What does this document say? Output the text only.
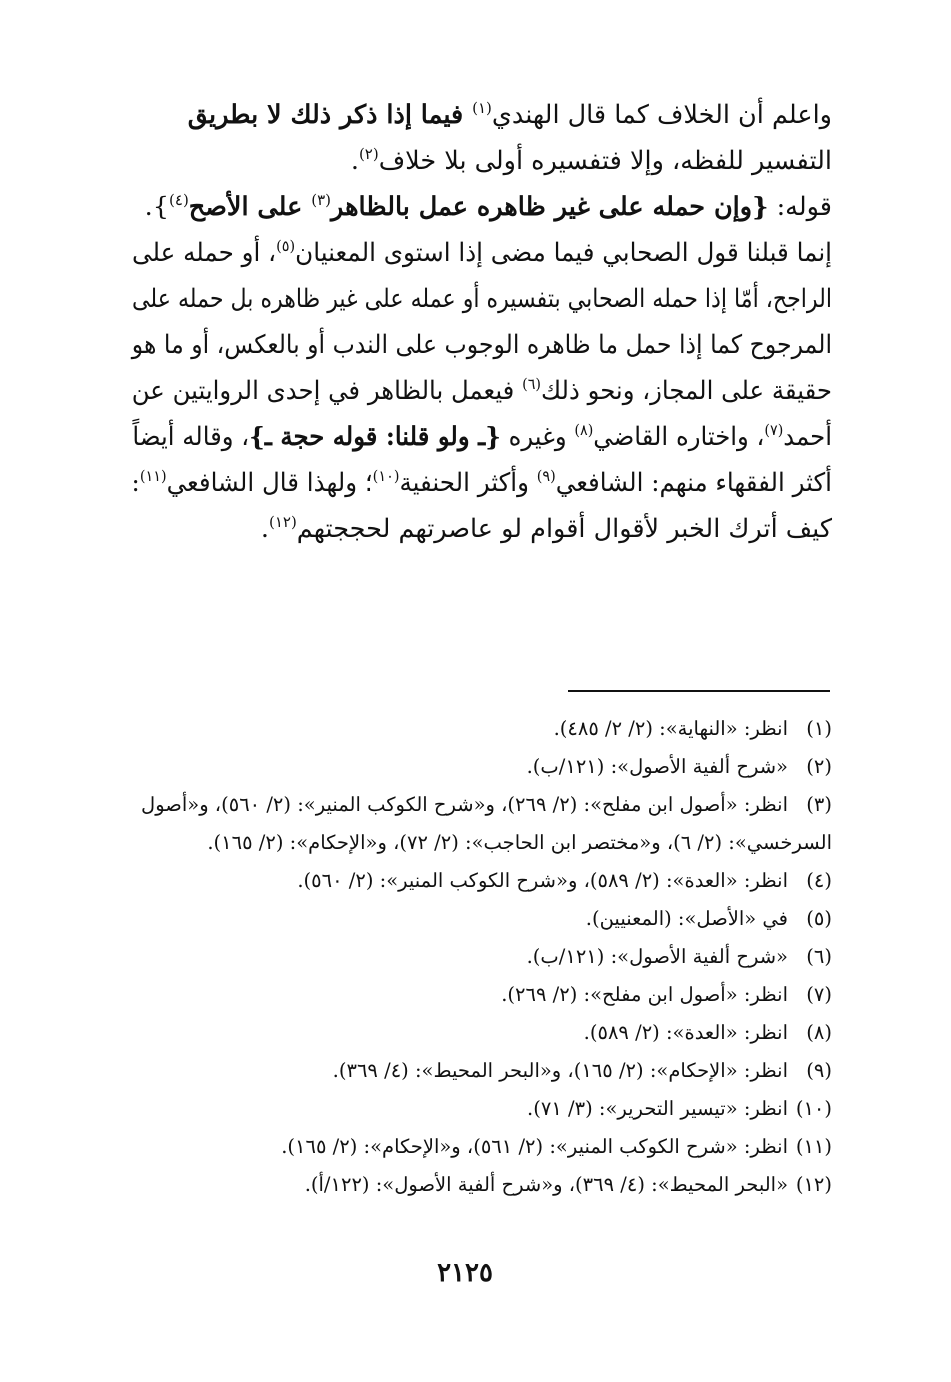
واعلم أن الخلاف كما قال الهندي$^{(١)}$ فيما إذا ذكر ذلك لا بطريق
التفسير للفظه، وإلا فتفسيره أولى بلا خلاف$^{(٢)}$.
قوله: {وإن حمله على غير ظاهره عمل بالظاهر$^{(٣)}$ على الأصح$^{(٤)}$}.
إنما قبلنا قول الصحابي فيما مضى إذا استوى المعنيان$^{(٥)}$، أو حمله على
الراجح، أمّا إذا حمله الصحابي بتفسيره أو عمله على غير ظاهره بل حمله على
المرجوح كما إذا حمل ما ظاهره الوجوب على الندب أو بالعكس، أو ما هو
حقيقة على المجاز، ونحو ذلك$^{(٦)}$ فيعمل بالظاهر في إحدى الروايتين عن
أحمد$^{(٧)}$، واختاره القاضي$^{(٨)}$ وغيره {ـ ولو قلنا: قوله حجة ـ}، وقاله أيضاً
أكثر الفقهاء منهم: الشافعي$^{(٩)}$ وأكثر الحنفية$^{(١٠)}$؛ ولهذا قال الشافعي$^{(١١)}$:
كيف أترك الخبر لأقوال أقوام لو عاصرتهم لحججتهم$^{(١٢)}$.
(١)انظر: «النهاية»: (٢/ ٢/ ٤٨٥).
(٢)«شرح ألفية الأصول»: (١٢١/ب).
(٣)انظر: «أصول ابن مفلح»: (٢/ ٢٦٩)، و«شرح الكوكب المنير»: (٢/ ٥٦٠)، و«أصول
السرخسي»: (٢/ ٦)، و«مختصر ابن الحاجب»: (٢/ ٧٢)، و«الإحكام»: (٢/ ١٦٥).
(٤)انظر: «العدة»: (٢/ ٥٨٩)، و«شرح الكوكب المنير»: (٢/ ٥٦٠).
(٥)في «الأصل»: (المعنيين).
(٦)«شرح ألفية الأصول»: (١٢١/ب).
(٧)انظر: «أصول ابن مفلح»: (٢/ ٢٦٩).
(٨)انظر: «العدة»: (٢/ ٥٨٩).
(٩)انظر: «الإحكام»: (٢/ ١٦٥)، و«البحر المحيط»: (٤/ ٣٦٩).
(١٠)انظر: «تيسير التحرير»: (٣/ ٧١).
(١١)انظر: «شرح الكوكب المنير»: (٢/ ٥٦١)، و«الإحكام»: (٢/ ١٦٥).
(١٢)«البحر المحيط»: (٤/ ٣٦٩)، و«شرح ألفية الأصول»: (١٢٢/أ).
٢١٢٥
